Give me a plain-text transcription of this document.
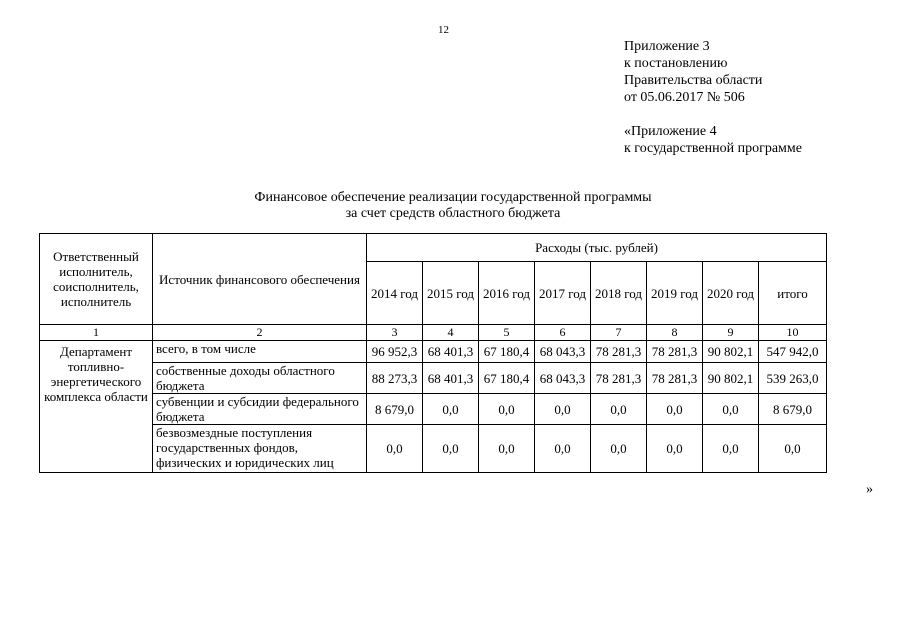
12
Приложение 3
к постановлению
Правительства области
от 05.06.2017 № 506
«Приложение 4
к государственной программе
Финансовое обеспечение реализации государственной программы
за счет средств областного бюджета
Ответственный исполнитель, соисполнитель, исполнитель	Источник финансового обеспечения	Расходы (тыс. рублей)							
		2014 год	2015 год	2016 год	2017 год	2018 год	2019 год	2020 год	итого
1	2	3	4	5	6	7	8	9	10
Департамент топливно-энергетического комплекса области	всего, в том числе	96 952,3	68 401,3	67 180,4	68 043,3	78 281,3	78 281,3	90 802,1	547 942,0
	собственные доходы областного бюджета	88 273,3	68 401,3	67 180,4	68 043,3	78 281,3	78 281,3	90 802,1	539 263,0
	субвенции и субсидии федерального бюджета	8 679,0	0,0	0,0	0,0	0,0	0,0	0,0	8 679,0
	безвозмездные поступления государственных фондов, физических и юридических лиц	0,0	0,0	0,0	0,0	0,0	0,0	0,0	0,0
»
